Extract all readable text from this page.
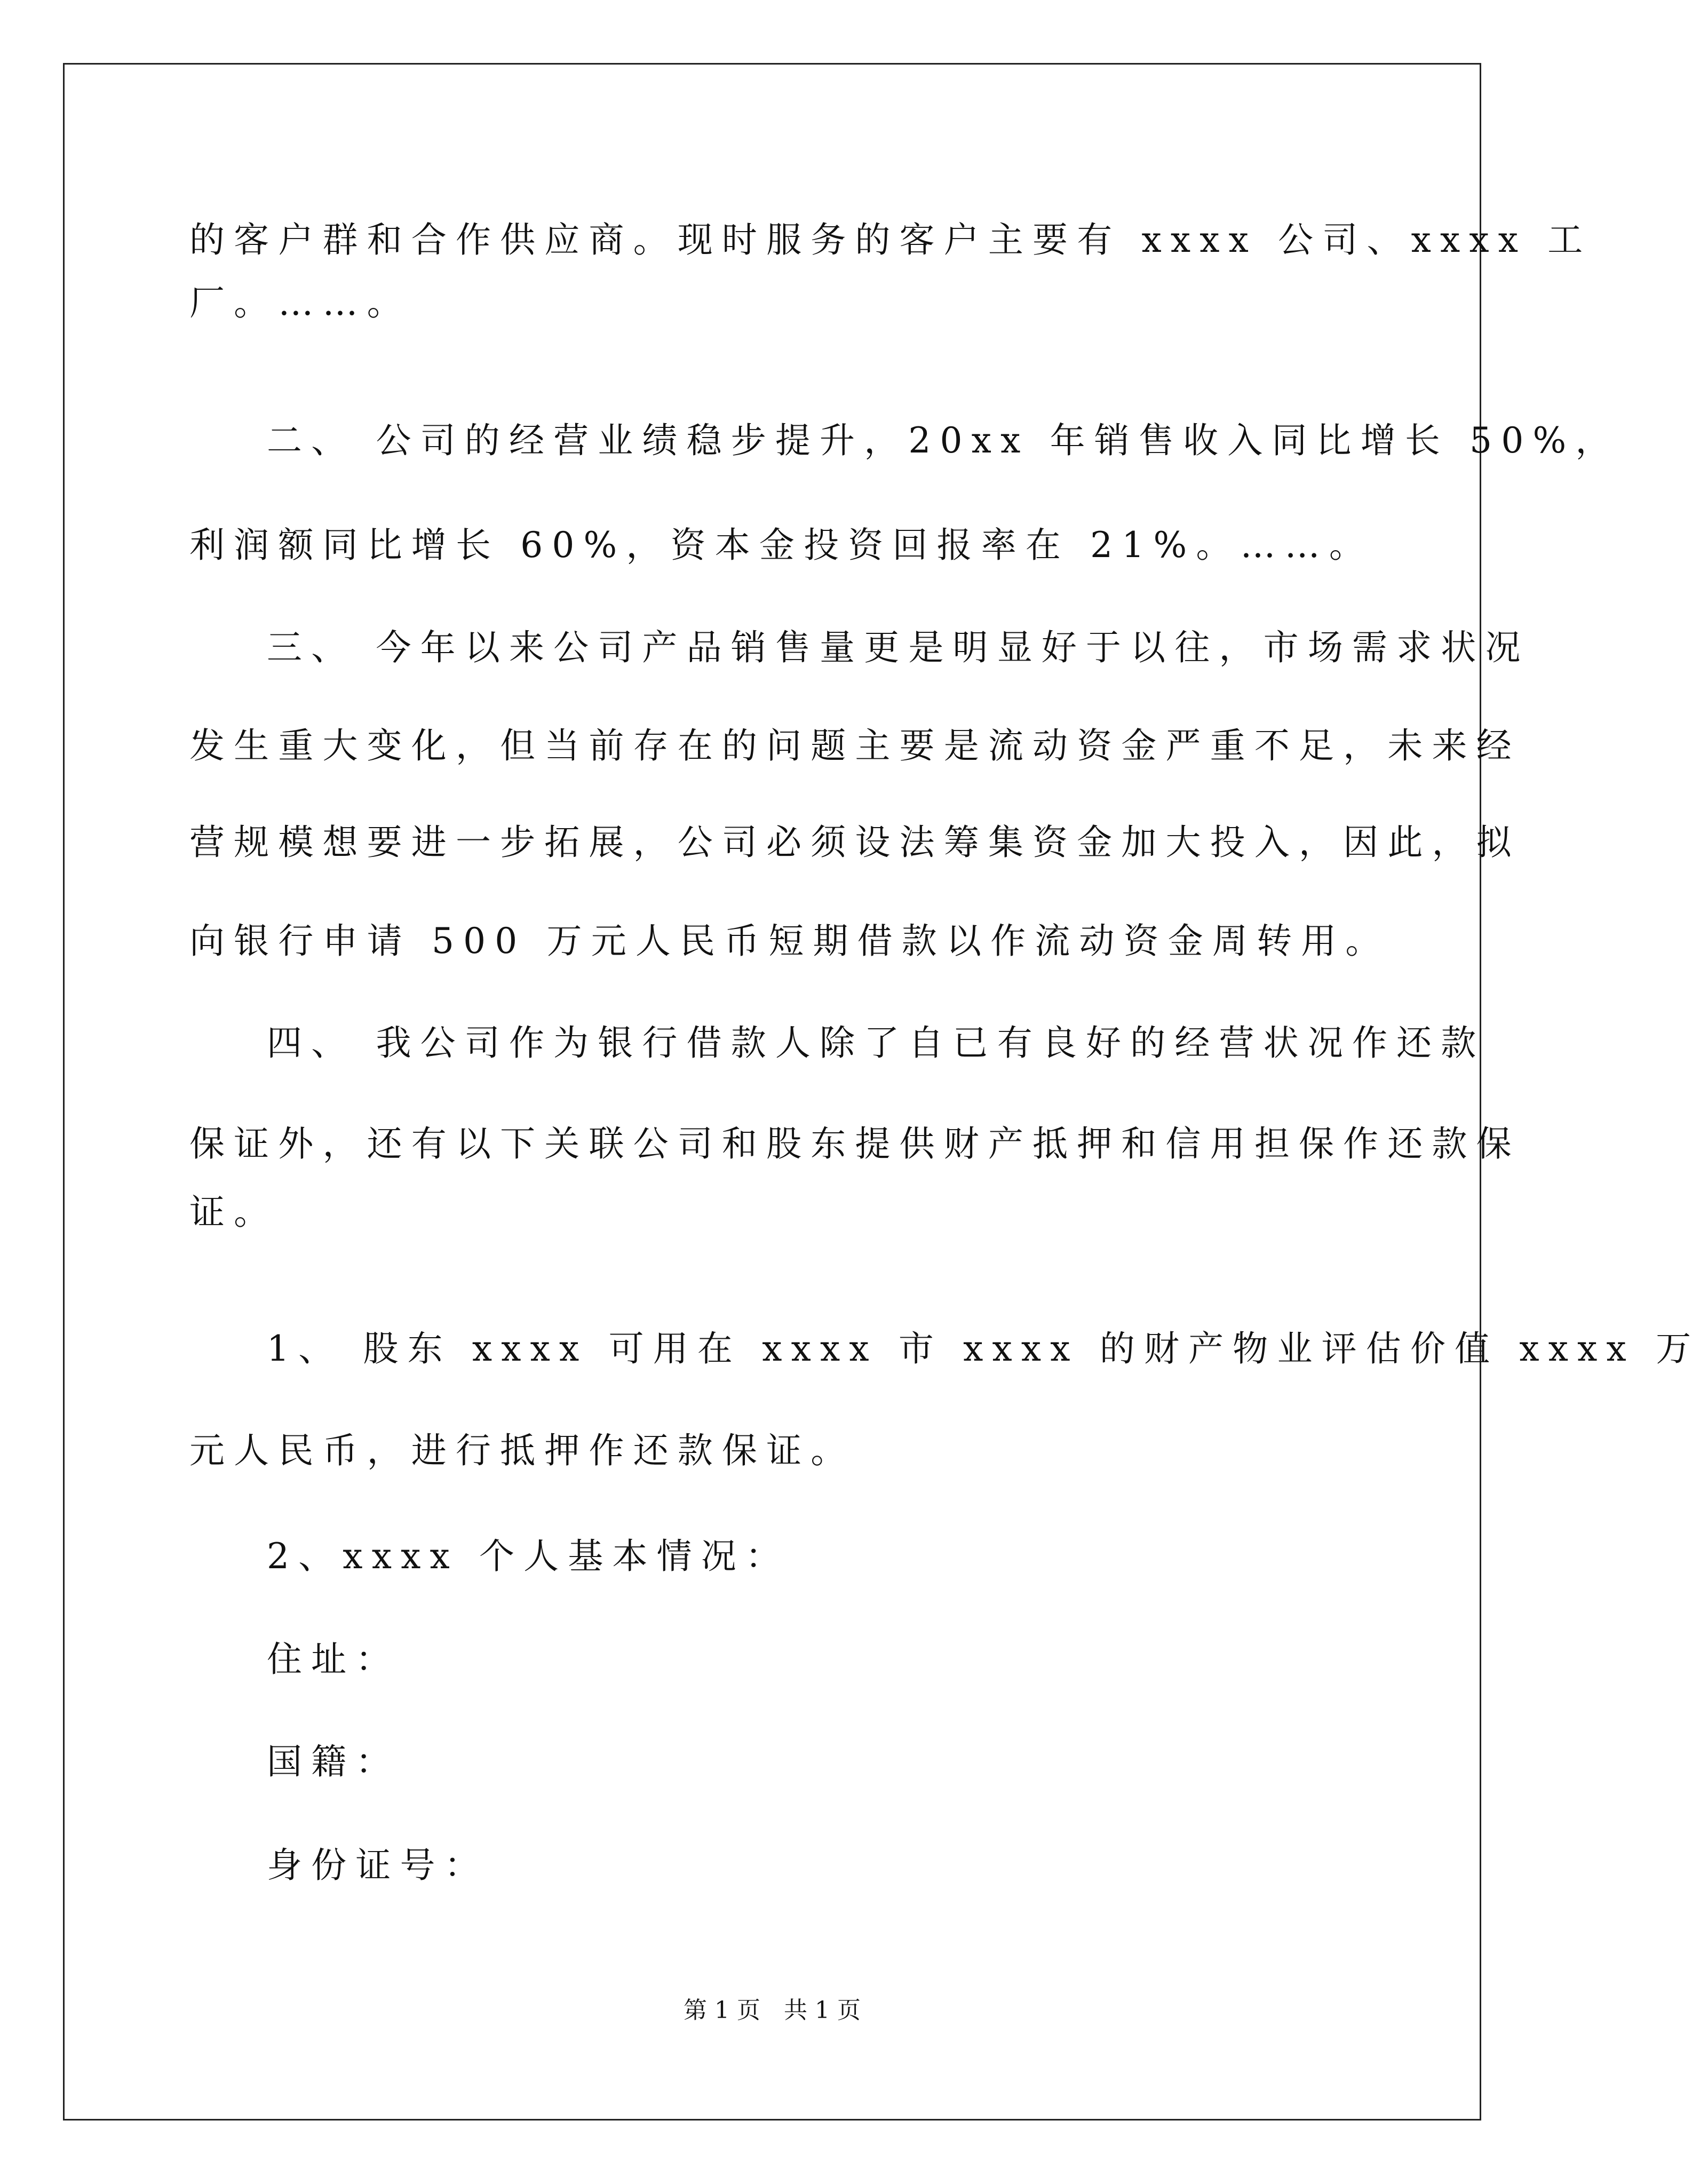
的客户群和合作供应商。现时服务的客户主要有 xxxx 公司、xxxx 工
厂。……。
二、 公司的经营业绩稳步提升，20xx 年销售收入同比增长 50%，
利润额同比增长 60%，资本金投资回报率在 21%。……。
三、 今年以来公司产品销售量更是明显好于以往，市场需求状况
发生重大变化，但当前存在的问题主要是流动资金严重不足，未来经
营规模想要进一步拓展，公司必须设法筹集资金加大投入，因此，拟
向银行申请 500 万元人民币短期借款以作流动资金周转用。
四、 我公司作为银行借款人除了自已有良好的经营状况作还款
保证外，还有以下关联公司和股东提供财产抵押和信用担保作还款保
证。
1、 股东 xxxx 可用在 xxxx 市 xxxx 的财产物业评估价值 xxxx 万
元人民币，进行抵押作还款保证。
2、xxxx 个人基本情况：
住址：
国籍：
身份证号：
第 1 页　共 1 页
